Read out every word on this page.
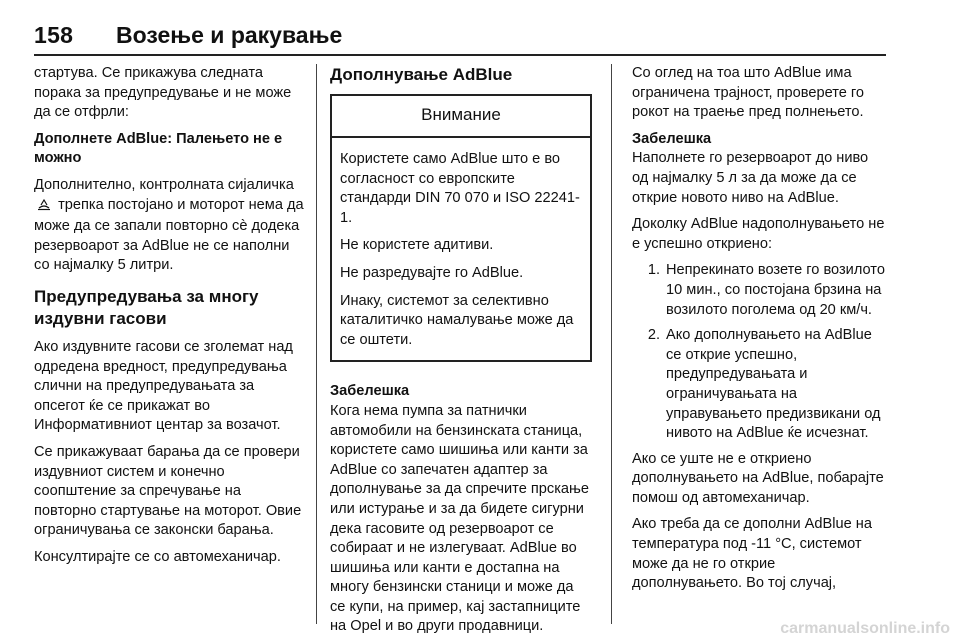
158 Возење и ракување

стартува. Се прикажува следната порака за предупредување и не може да се отфрли:

Дополнете AdBlue: Палењето не е можно

Дополнително, контролната сијаличка  трепка постојано и моторот нема да може да се запали повторно сѐ додека резервоарот за AdBlue не се наполни со најмалку 5 литри.

Предупредувања за многу издувни гасови

Ако издувните гасови се зголемат над одредена вредност, предупредувања слични на предупредувањата за опсегот ќе се прикажат во Информативниот центар за возачот.

Се прикажуваат барања да се провери издувниот систем и конечно соопштение за спречување на повторно стартување на моторот. Овие ограничувања се законски барања.

Консултирајте се со автомеханичар.

Дополнување AdBlue
Внимание

Користете само AdBlue што е во согласност со европските стандарди DIN 70 070 и ISO 22241-1.

Не користете адитиви.

Не разредувајте го AdBlue.

Инаку, системот за селективно каталитичко намалување може да се оштети.

Забелешка

Кога нема пумпа за патнички автомобили на бензинската станица, користете само шишиња или канти за AdBlue со запечатен адаптер за дополнување за да спречите прскање или истурање и за да бидете сигурни дека гасовите од резервоарот се собираат и не излегуваат. AdBlue во шишиња или канти е достапна на многу бензински станици и може да се купи, на пример, кај застапниците на Opel и во други продавници.

Со оглед на тоа што AdBlue има ограничена трајност, проверете го рокот на траење пред полнењето.

Забелешка

Наполнете го резервоарот до ниво од најмалку 5 л за да може да се открие новото ниво на AdBlue.

Доколку AdBlue надополнувањето не е успешно откриено:

1. Непрекинато возете го возилото 10 мин., со постојана брзина на возилото поголема од 20 км/ч.
2. Ако дополнувањето на AdBlue се открие успешно, предупредувањата и ограничувањата на управувањето предизвикани од нивото на AdBlue ќе исчезнат.

Ако се уште не е откриено дополнувањето на AdBlue, побарајте помош од автомеханичар.

Ако треба да се дополни AdBlue на температура под -11 °C, системот може да не го открие дополнувањето. Во тој случај,

carmanualsonline.info
